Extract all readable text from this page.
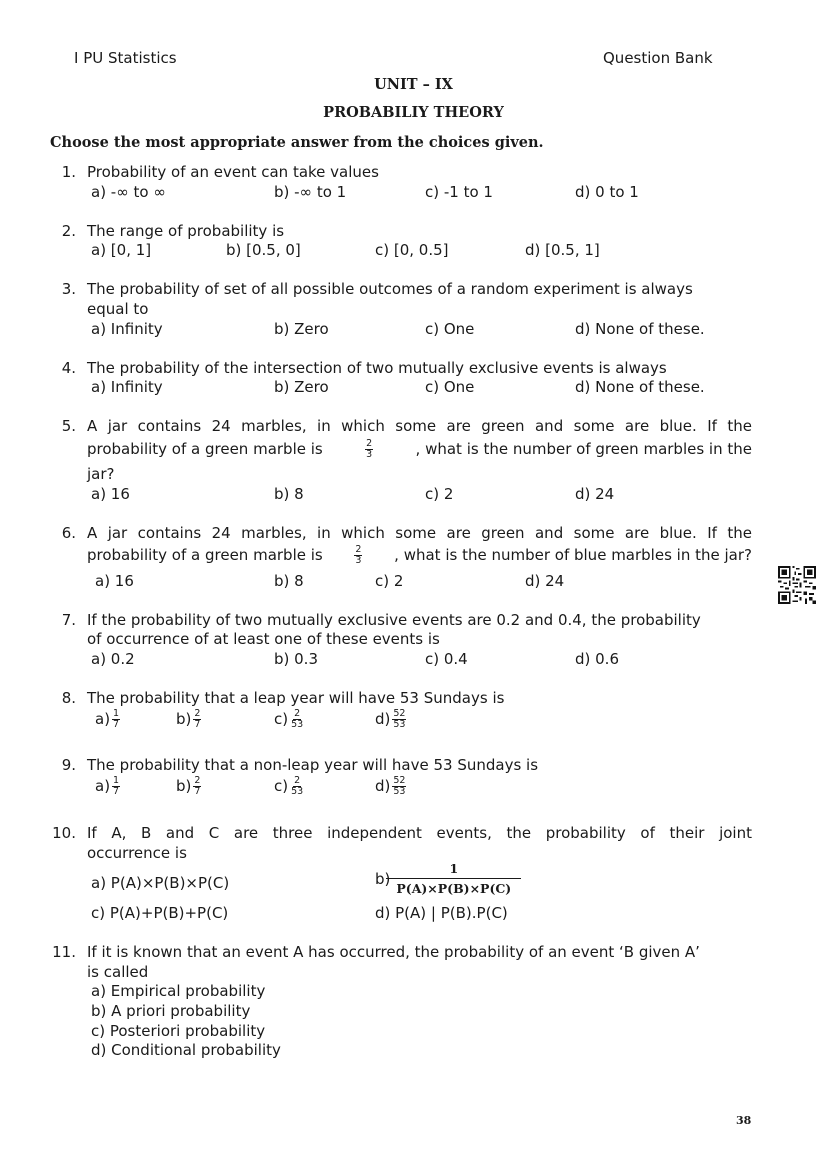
I PU Statistics	Question Bank
UNIT – IX
PROBABILIY THEORY
Choose the most appropriate answer from the choices given.
1. Probability of an event can take values
a) -∞ to ∞	b) -∞ to 1	c) -1 to 1	d) 0 to 1
2. The range of probability is
a) [0, 1]	b) [0.5, 0]	c) [0, 0.5]	d) [0.5, 1]
3. The probability of set of all possible outcomes of a random experiment is always
equal to
a) Infinity	b) Zero	c) One	d) None of these.
4. The probability of the intersection of two mutually exclusive events is always
a) Infinity	b) Zero	c) One	d) None of these.
5. A jar contains 24 marbles, in which some are green and some are blue. If the
probability of a green marble is	$\frac{2}{3}$	, what is the number of green marbles in the
jar?
a) 16	b) 8	c) 2	d) 24
6. A jar contains 24 marbles, in which some are green and some are blue. If the
probability of a green marble is	$\frac{2}{3}$ , what is the number of blue marbles in the jar?
a) 16	b) 8	c) 2	d) 24
7. If the probability of two mutually exclusive events are 0.2 and 0.4, the probability
of occurrence of at least one of these events is
a) 0.2	b) 0.3	c) 0.4	d) 0.6
8. The probability that a leap year will have 53 Sundays is
$a) \frac{1}{7}$	$b) \frac{2}{7}$	$c) \frac{2}{53}$	$d) \frac{52}{53}$
9. The probability that a non-leap year will have 53 Sundays is
$a) \frac{1}{7}$	$b) \frac{2}{7}$	$c) \frac{2}{53}$	$d) \frac{52}{53}$
10. If A, B and C are three independent events, the probability of their joint
occurrence is
a) P(A)×P(B)×P(C)	$b) \frac{1}{P(A)\times P(B)\times P(C)}$
c) P(A)+P(B)+P(C)	d) P(A) | P(B).P(C)
11. If it is known that an event A has occurred, the probability of an event ‘B given A’
is called
a) Empirical probability
b) A priori probability
c) Posteriori probability
d) Conditional probability
38
